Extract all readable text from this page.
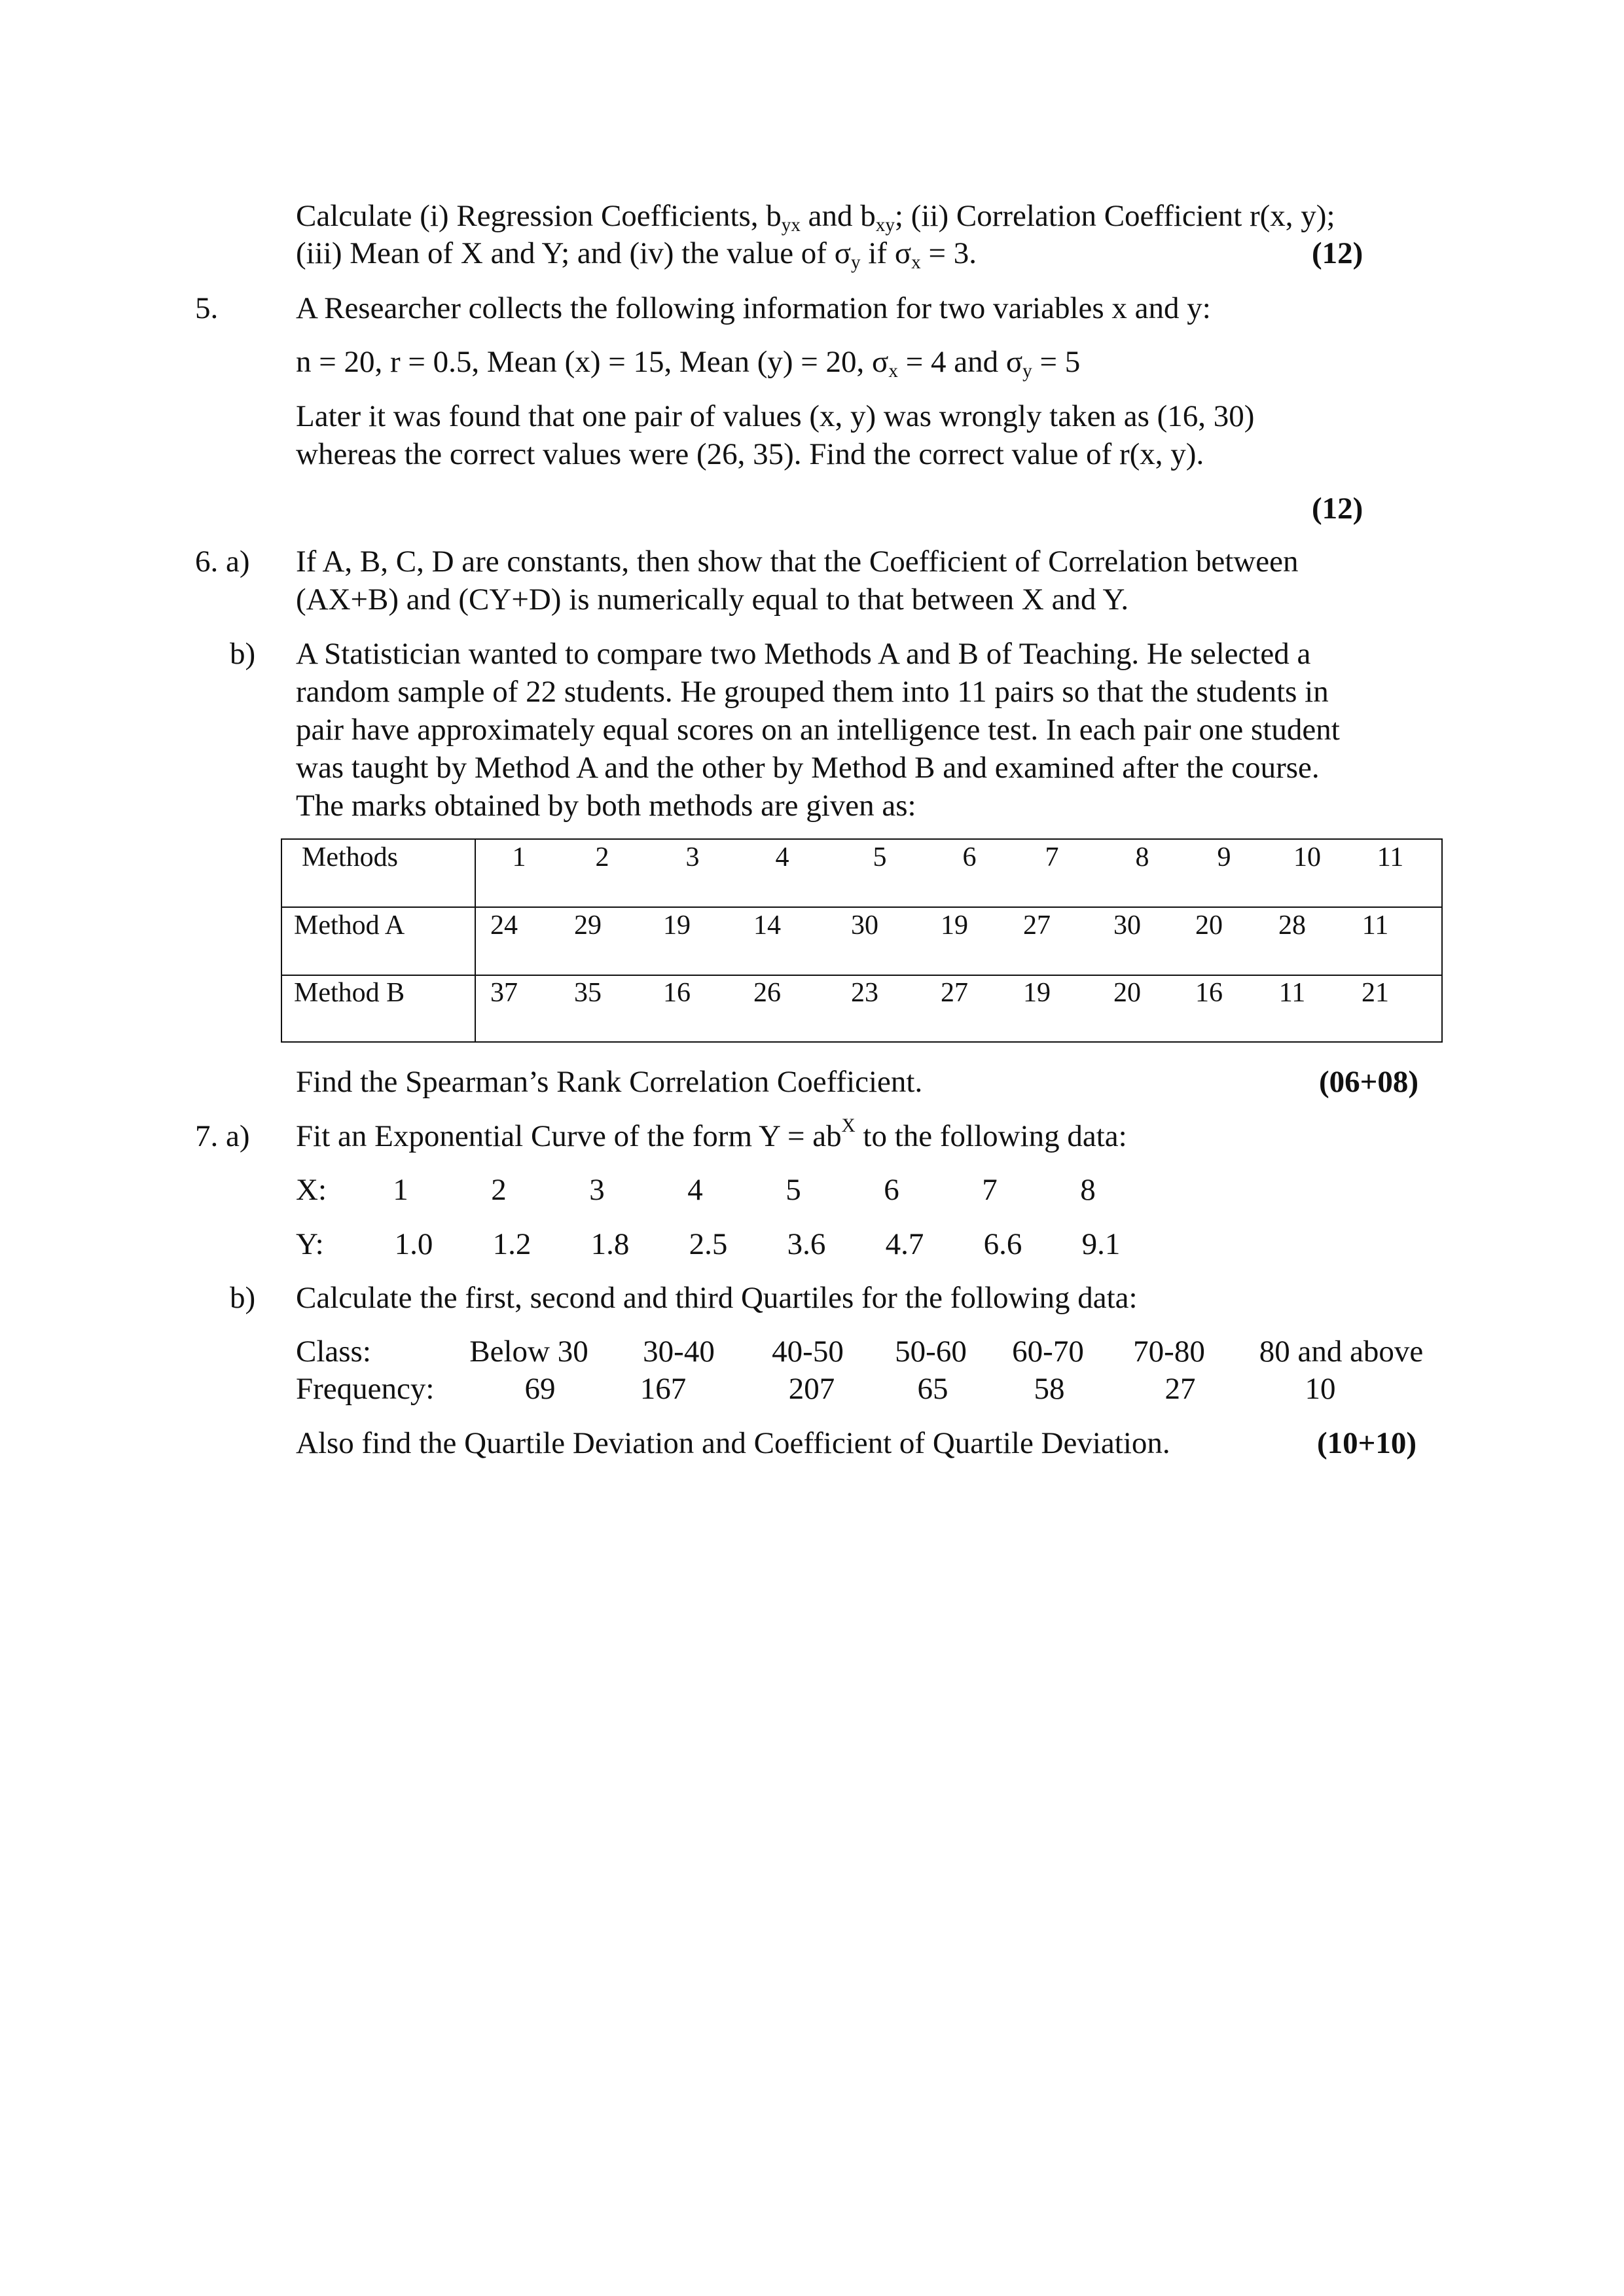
Calculate (i) Regression Coefficients, $b_{yx}$ and $b_{xy}$; (ii) Correlation Coefficient r(x, y);
(iii) Mean of X and Y; and (iv) the value of $\sigma_y$ if $\sigma_x = 3$.	(12)
5.	A Researcher collects the following information for two variables x and y:
n = 20, r = 0.5, Mean (x) = 15, Mean (y) = 20, $\sigma_x = 4$ and $\sigma_y = 5$
Later it was found that one pair of values (x, y) was wrongly taken as (16, 30)
whereas the correct values were (26, 35). Find the correct value of r(x, y).
(12)
6. a) If A, B, C, D are constants, then show that the Coefficient of Correlation between
(AX+B) and (CY+D) is numerically equal to that between X and Y.
b) A Statistician wanted to compare two Methods A and B of Teaching. He selected a
random sample of 22 students. He grouped them into 11 pairs so that the students in
pair have approximately equal scores on an intelligence test. In each pair one student
was taught by Method A and the other by Method B and examined after the course.
The marks obtained by both methods are given as:
Methods	1	2	3	4	5	6	7	8 9 10 11
Method A	24 29 19 14	30 19 27 30 20 28 11
Method B	37 35 16 26	23 27 19 20 16 11 21
Find the Spearman’s Rank Correlation Coefficient.	(06+08)
7. a) Fit an Exponential Curve of the form $Y = ab^X$ to the following data:
X: 1	2	3	4	5	6	7	8
Y: 1.0 1.2 1.8 2.5 3.6 4.7 6.6 9.1
b) Calculate the first, second and third Quartiles for the following data:
Class:	Below 30 30-40 40-50 50-60 60-70 70-80 80 and above
Frequency:	69	167	207	65	58	27	10
Also find the Quartile Deviation and Coefficient of Quartile Deviation.	(10+10)
